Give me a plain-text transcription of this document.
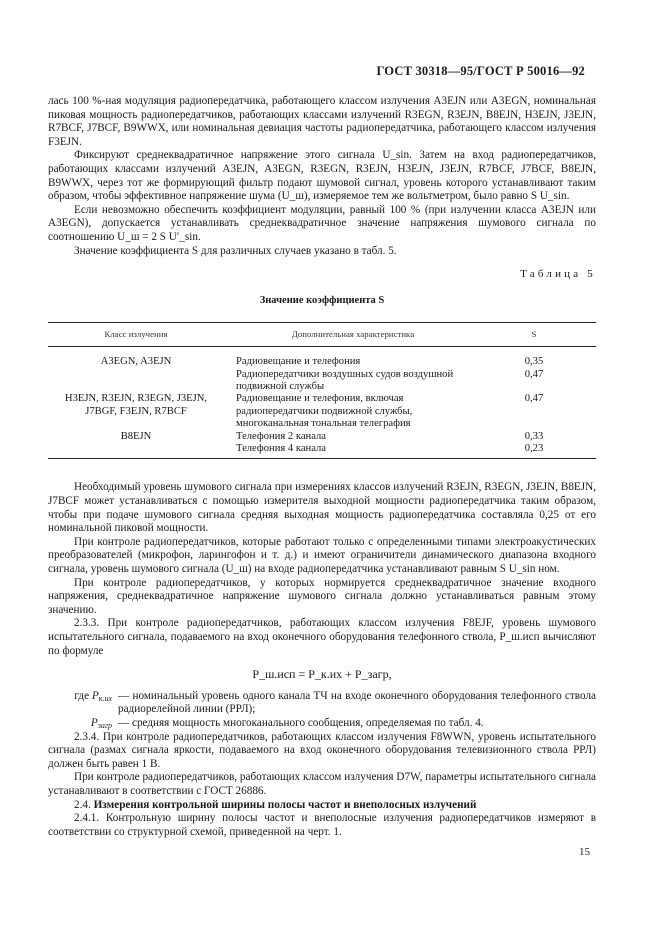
ГОСТ 30318—95/ГОСТ Р 50016—92

лась 100 %-ная модуляция радиопередатчика, работающего классом излучения A3EJN или A3EGN, номинальная пиковая мощность радиопередатчиков, работающих классами излучений R3EGN, R3EJN, B8EJN, H3EJN, J3EJN, R7BCF, J7BCF, B9WWX, или номинальная девиация частоты радиопередатчика, работающего классом излучения F3EJN.

Фиксируют среднеквадратичное напряжение этого сигнала U_sin. Затем на вход радиопередатчиков, работающих классами излучений A3EJN, A3EGN, R3EGN, R3EJN, H3EJN, J3EJN, R7BCF, J7BCF, B8EJN, B9WWX, через тот же формирующий фильтр подают шумовой сигнал, уровень которого устанавливают таким образом, чтобы эффективное напряжение шума (U_ш), измеряемое тем же вольтметром, было равно S U_sin.

Если невозможно обеспечить коэффициент модуляции, равный 100 % (при излучении класса A3EJN или A3EGN), допускается устанавливать среднеквадратичное значение напряжения шумового сигнала по соотношению U_ш = 2 S U′_sin.

Значение коэффициента S для различных случаев указано в табл. 5.

Таблица 5
Значение коэффициента S
Класс излучения	Дополнительная характеристика	S

A3EGN, A3EJN	Радиовещание и телефония	0,35
	Радиопередатчики воздушных судов воздушной подвижной службы	0,47
H3EJN, R3EJN, R3EGN, J3EJN, J7BGF, F3EJN, R7BCF	Радиовещание и телефония, включая радиопередатчики подвижной службы, многоканальная тональная телеграфия	0,47
B8EJN	Телефония 2 канала	0,33
	Телефония 4 канала	0,23

Необходимый уровень шумового сигнала при измерениях классов излучений R3EJN, R3EGN, J3EJN, B8EJN, J7BCF может устанавливаться с помощью измерителя выходной мощности радиопередатчика таким образом, чтобы при подаче шумового сигнала средняя выходная мощность радиопередатчика составляла 0,25 от его номинальной пиковой мощности.

При контроле радиопередатчиков, которые работают только с определенными типами электроакустических преобразователей (микрофон, ларингофон и т. д.) и имеют ограничители динамического диапазона входного сигнала, уровень шумового сигнала (U_ш) на входе радиопередатчика устанавливают равным S U_sin ном.

При контроле радиопередатчиков, у которых нормируется среднеквадратичное значение входного напряжения, среднеквадратичное напряжение шумового сигнала должно устанавливаться равным этому значению.

2.3.3. При контроле радиопередатчиков, работающих классом излучения F8EJF, уровень шумового испытательного сигнала, подаваемого на вход оконечного оборудования телефонного ствола, P_ш.исп вычисляют по формуле

P_ш.исп = P_к.их + P_загр,
где $P_{к.их}$ — номинальный уровень одного канала ТЧ на входе оконечного оборудования телефонного ствола радиорелейной линии (РРЛ);
$P_{загр}$ — средняя мощность многоканального сообщения, определяемая по табл. 4.

2.3.4. При контроле радиопередатчиков, работающих классом излучения F8WWN, уровень испытательного сигнала (размах сигнала яркости, подаваемого на вход оконечного оборудования телевизионного ствола РРЛ) должен быть равен 1 В.

При контроле радиопередатчиков, работающих классом излучения D7W, параметры испытательного сигнала устанавливают в соответствии с ГОСТ 26886.

2.4. Измерения контрольной ширины полосы частот и внеполосных излучений

2.4.1. Контрольную ширину полосы частот и внеполосные излучения радиопередатчиков измеряют в соответствии со структурной схемой, приведенной на черт. 1.

15
